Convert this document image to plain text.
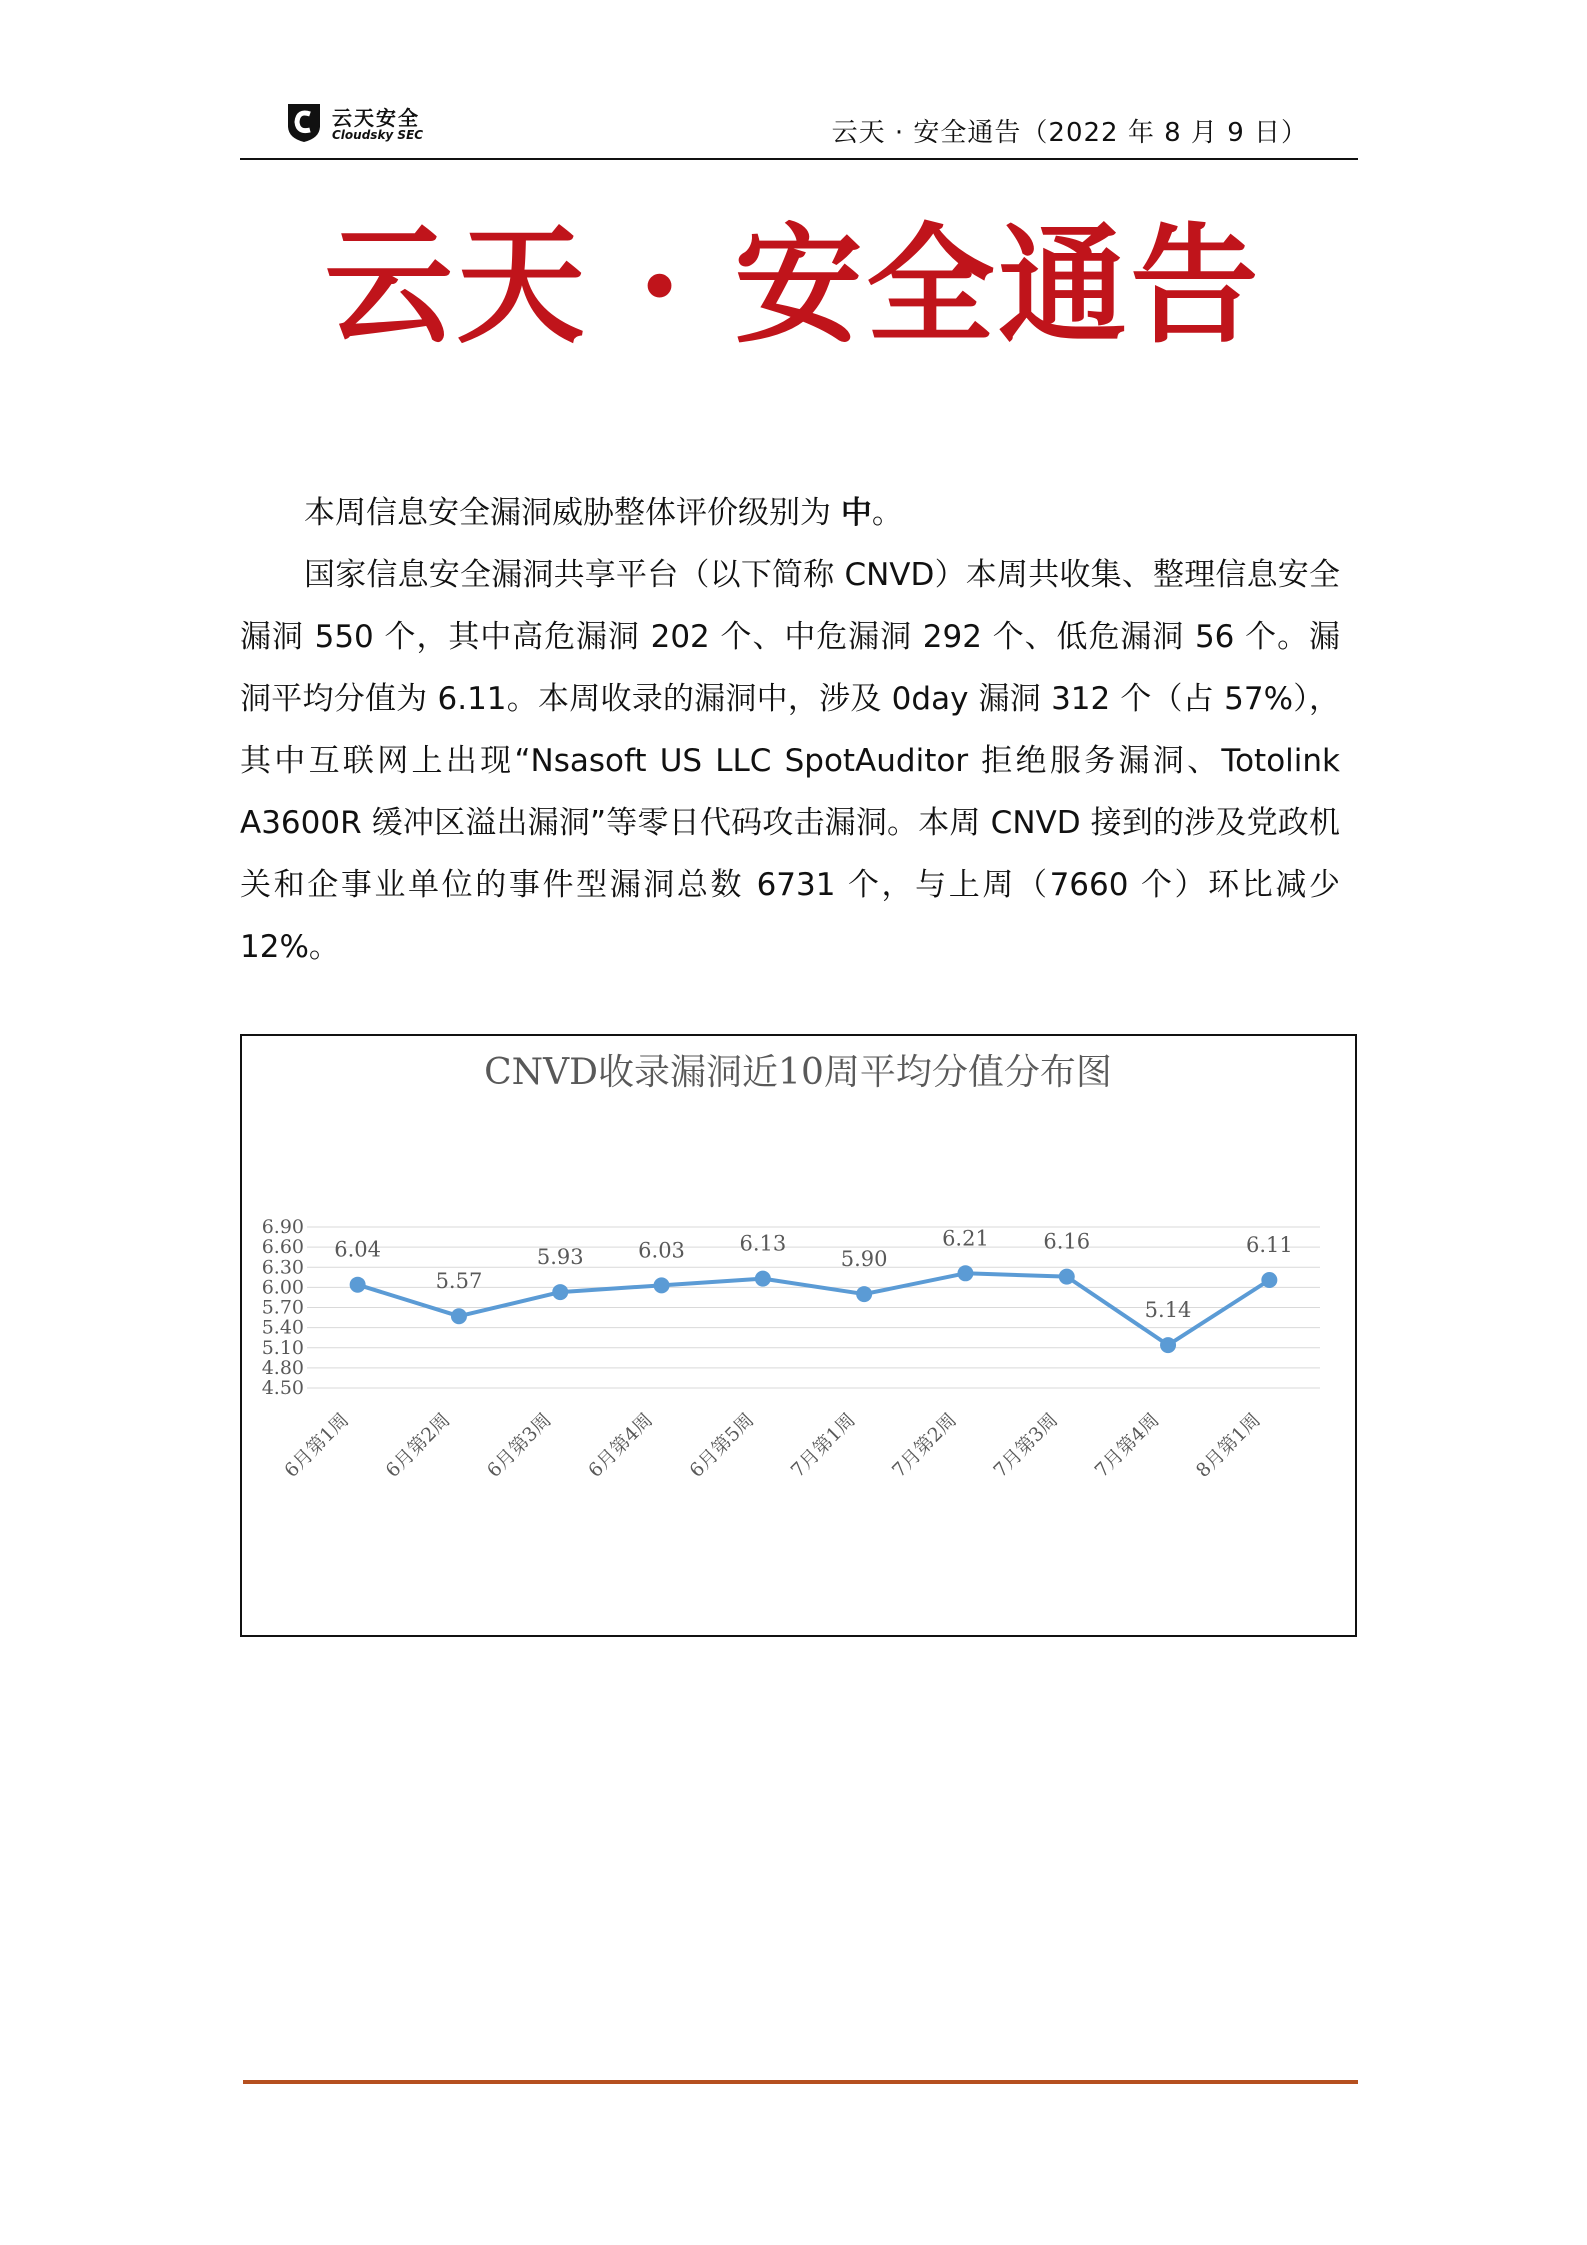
云天安全
Cloudsky SEC	云天 · 安全通告（2022 年 8 月 9 日）
云天 · 安全通告
本周信息安全漏洞威胁整体评价级别为 中。
国家信息安全漏洞共享平台（以下简称 CNVD）本周共收集、整理信息安全漏洞 550 个，其中高危漏洞 202 个、中危漏洞 292 个、低危漏洞 56 个。漏洞平均分值为 6.11。本周收录的漏洞中，涉及 0day 漏洞 312 个（占 57%），其中互联网上出现“Nsasoft US LLC SpotAuditor 拒绝服务漏洞、Totolink A3600R 缓冲区溢出漏洞”等零日代码攻击漏洞。本周 CNVD 接到的涉及党政机关和企事业单位的事件型漏洞总数 6731 个，与上周（7660 个）环比减少 12%。
CNVD收录漏洞近10周平均分值分布图
6.90
6.60
6.30
6.00
5.70
5.40
5.10
4.80
4.50
6.04
5.57
5.93	6.03	6.13
5.90
6.21	6.16
5.14
6.11
6月第1周 6月第2周 6月第3周 6月第4周 6月第5周 7月第1周 7月第2周 7月第3周 7月第4周 8月第1周
